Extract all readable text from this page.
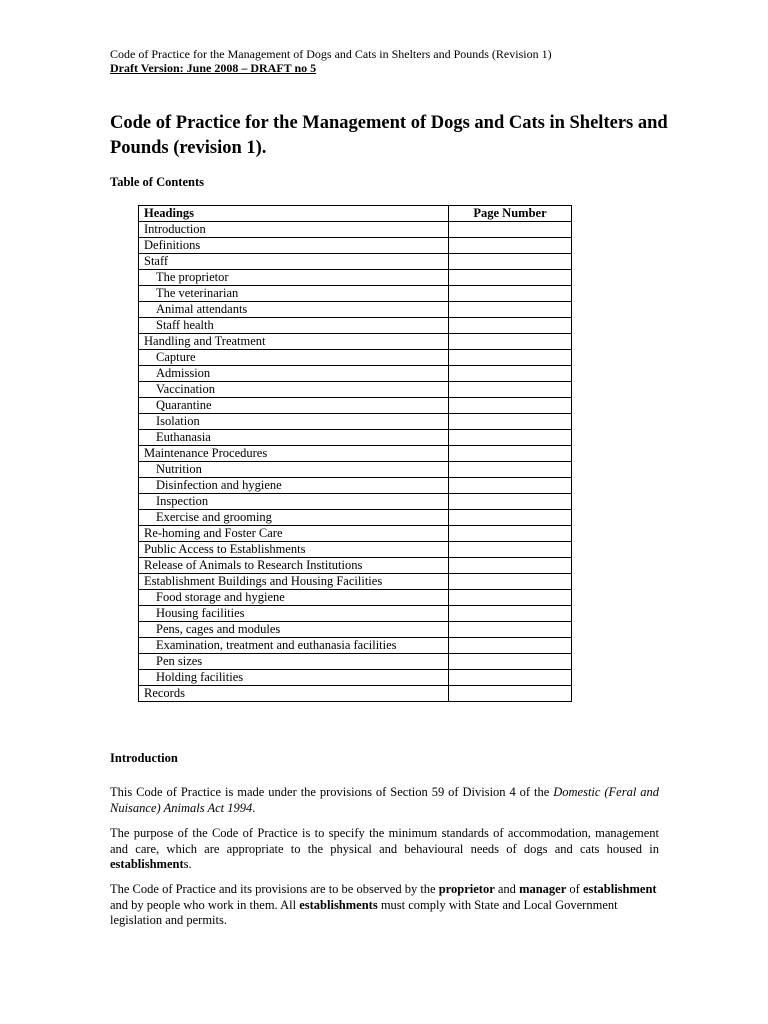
Code of Practice for the Management of Dogs and Cats in Shelters and Pounds (Revision 1)
Draft Version: June 2008 – DRAFT no 5
Code of Practice for the Management of Dogs and Cats in Shelters and Pounds (revision 1).
Table of Contents
Headings	Page Number
Introduction	
Definitions	
Staff	
The proprietor	
The veterinarian	
Animal attendants	
Staff health	
Handling and Treatment	
Capture	
Admission	
Vaccination	
Quarantine	
Isolation	
Euthanasia	
Maintenance Procedures	
Nutrition	
Disinfection and hygiene	
Inspection	
Exercise and grooming	
Re-homing and Foster Care	
Public Access to Establishments	
Release of Animals to Research Institutions	
Establishment Buildings and Housing Facilities	
Food storage and hygiene	
Housing facilities	
Pens, cages and modules	
Examination, treatment and euthanasia facilities	
Pen sizes	
Holding facilities	
Records	
Introduction

This Code of Practice is made under the provisions of Section 59 of Division 4 of the Domestic (Feral and Nuisance) Animals Act 1994.

The purpose of the Code of Practice is to specify the minimum standards of accommodation, management and care, which are appropriate to the physical and behavioural needs of dogs and cats housed in establishments.

The Code of Practice and its provisions are to be observed by the proprietor and manager of establishment and by people who work in them. All establishments must comply with State and Local Government legislation and permits.
